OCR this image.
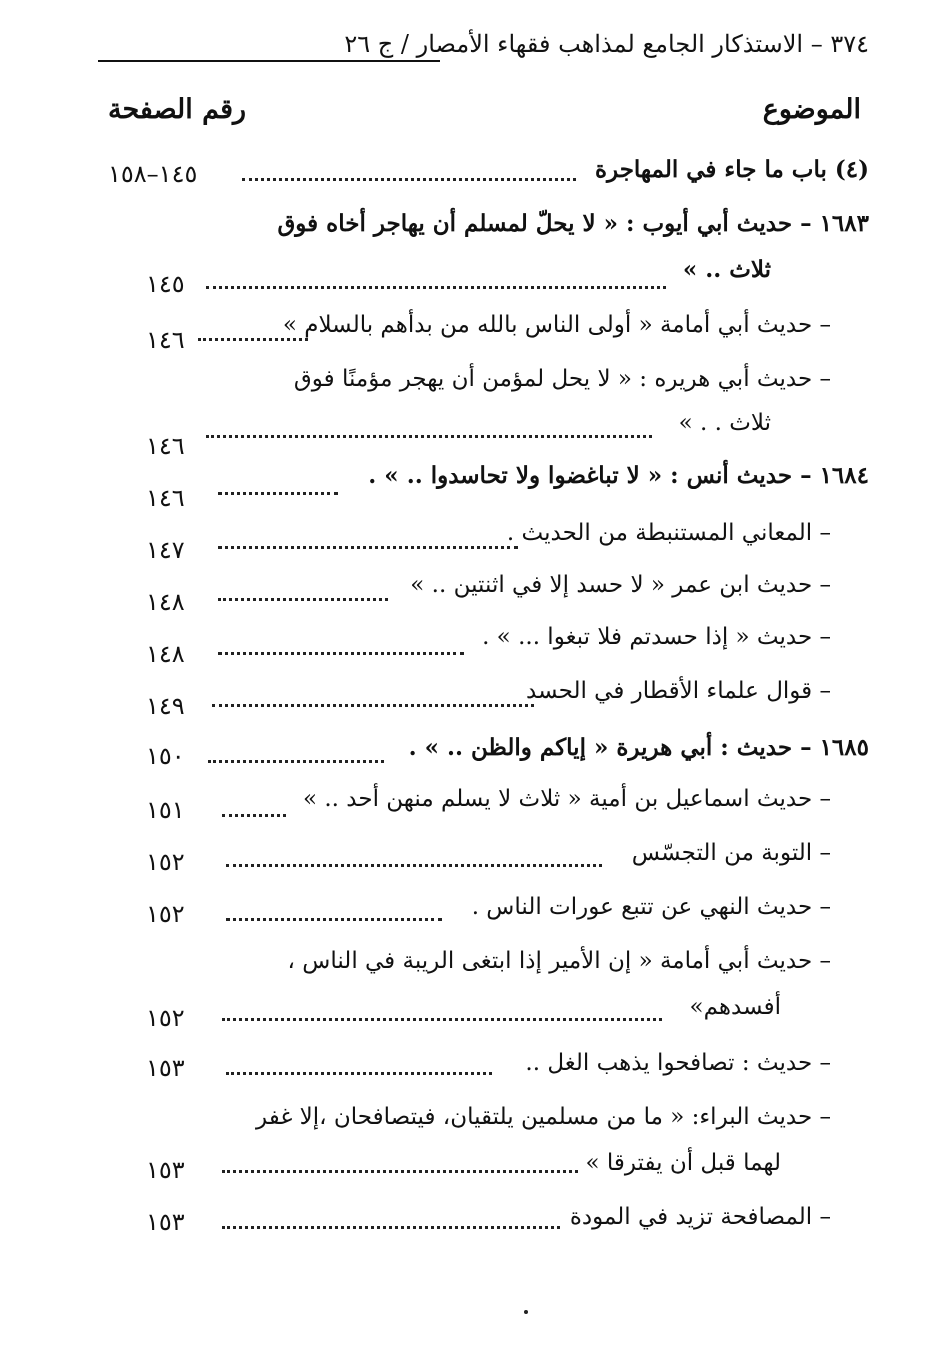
٣٧٤ – الاستذكار الجامع لمذاهب فقهاء الأمصار / ج ٢٦
الموضوع
رقم الصفحة
(٤) باب ما جاء في المهاجرة
١٤٥–١٥٨
١٦٨٣ – حديث أبي أيوب : « لا يحلّ لمسلم أن يهاجر أخاه فوق
ثلاث .. »
١٤٥
– حديث أبي أمامة « أولى الناس بالله من بدأهم بالسلام »
١٤٦
– حديث أبي هريره : « لا يحل لمؤمن أن يهجر مؤمنًا فوق
ثلاث . . »
١٤٦
١٦٨٤ – حديث أنس : « لا تباغضوا ولا تحاسدوا .. » .
١٤٦
– المعاني المستنبطة من الحديث .
١٤٧
– حديث ابن عمر « لا حسد إلا في اثنتين .. »
١٤٨
– حديث « إذا حسدتم فلا تبغوا ... » .
١٤٨
– قوال علماء الأقطار في الحسد
١٤٩
١٦٨٥ – حديث : أبي هريرة « إياكم والظن .. » .
١٥٠
– حديث اسماعيل بن أمية « ثلاث لا يسلم منهن أحد .. »
١٥١
– التوبة من التجسّس
١٥٢
– حديث النهي عن تتبع عورات الناس .
١٥٢
– حديث أبي أمامة « إن الأمير إذا ابتغى الريبة في الناس ،
أفسدهم»
١٥٢
– حديث : تصافحوا يذهب الغل ..
١٥٣
– حديث البراء: « ما من مسلمين يلتقيان، فيتصافحان ،إلا غفر
لهما قبل أن يفترقا »
١٥٣
– المصافحة تزيد في المودة
١٥٣
